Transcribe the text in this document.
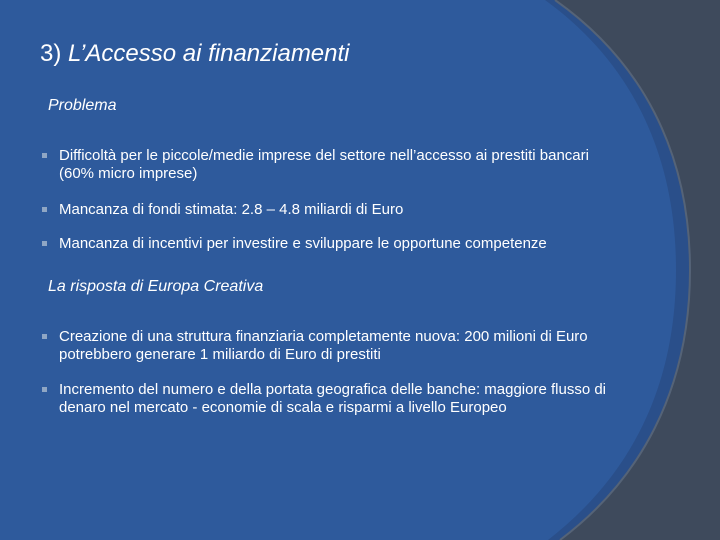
3) L’Accesso ai finanziamenti
Problema
Difficoltà per le piccole/medie imprese del settore nell’accesso ai prestiti bancari (60% micro imprese)
Mancanza di fondi stimata: 2.8 – 4.8 miliardi di Euro
Mancanza di incentivi per investire e sviluppare le opportune competenze
La risposta di Europa Creativa
Creazione di una struttura finanziaria completamente nuova: 200 milioni di Euro potrebbero generare 1 miliardo di Euro di prestiti
Incremento del numero e della portata geografica delle banche: maggiore flusso di denaro nel mercato - economie di scala e risparmi a livello Europeo
